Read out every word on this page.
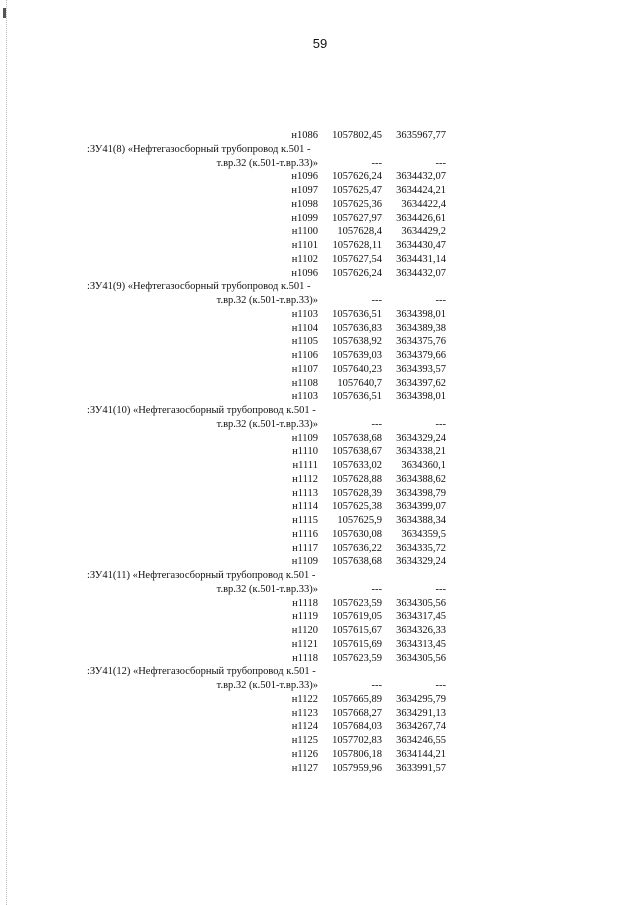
59
н1086 1057802,45 3635967,77
:ЗУ41(8) «Нефтегазосборный трубопровод к.501 -
т.вр.32 (к.501-т.вр.33)»	---	---
н1096 1057626,24 3634432,07
н1097 1057625,47 3634424,21
н1098 1057625,36 3634422,4
н1099 1057627,97 3634426,61
н1100 1057628,4 3634429,2
н1101 1057628,11 3634430,47
н1102 1057627,54 3634431,14
н1096 1057626,24 3634432,07
:ЗУ41(9) «Нефтегазосборный трубопровод к.501 -
т.вр.32 (к.501-т.вр.33)»	---	---
н1103 1057636,51 3634398,01
н1104 1057636,83 3634389,38
н1105 1057638,92 3634375,76
н1106 1057639,03 3634379,66
н1107 1057640,23 3634393,57
н1108 1057640,7 3634397,62
н1103 1057636,51 3634398,01
:ЗУ41(10) «Нефтегазосборный трубопровод к.501 -
т.вр.32 (к.501-т.вр.33)»	---	---
н1109 1057638,68 3634329,24
н1110 1057638,67 3634338,21
н1111 1057633,02 3634360,1
н1112 1057628,88 3634388,62
н1113 1057628,39 3634398,79
н1114 1057625,38 3634399,07
н1115 1057625,9 3634388,34
н1116 1057630,08 3634359,5
н1117 1057636,22 3634335,72
н1109 1057638,68 3634329,24
:ЗУ41(11) «Нефтегазосборный трубопровод к.501 -
т.вр.32 (к.501-т.вр.33)»	---	---
н1118 1057623,59 3634305,56
н1119 1057619,05 3634317,45
н1120 1057615,67 3634326,33
н1121 1057615,69 3634313,45
н1118 1057623,59 3634305,56
:ЗУ41(12) «Нефтегазосборный трубопровод к.501 -
т.вр.32 (к.501-т.вр.33)»	---	---
н1122 1057665,89 3634295,79
н1123 1057668,27 3634291,13
н1124 1057684,03 3634267,74
н1125 1057702,83 3634246,55
н1126 1057806,18 3634144,21
н1127 1057959,96 3633991,57
